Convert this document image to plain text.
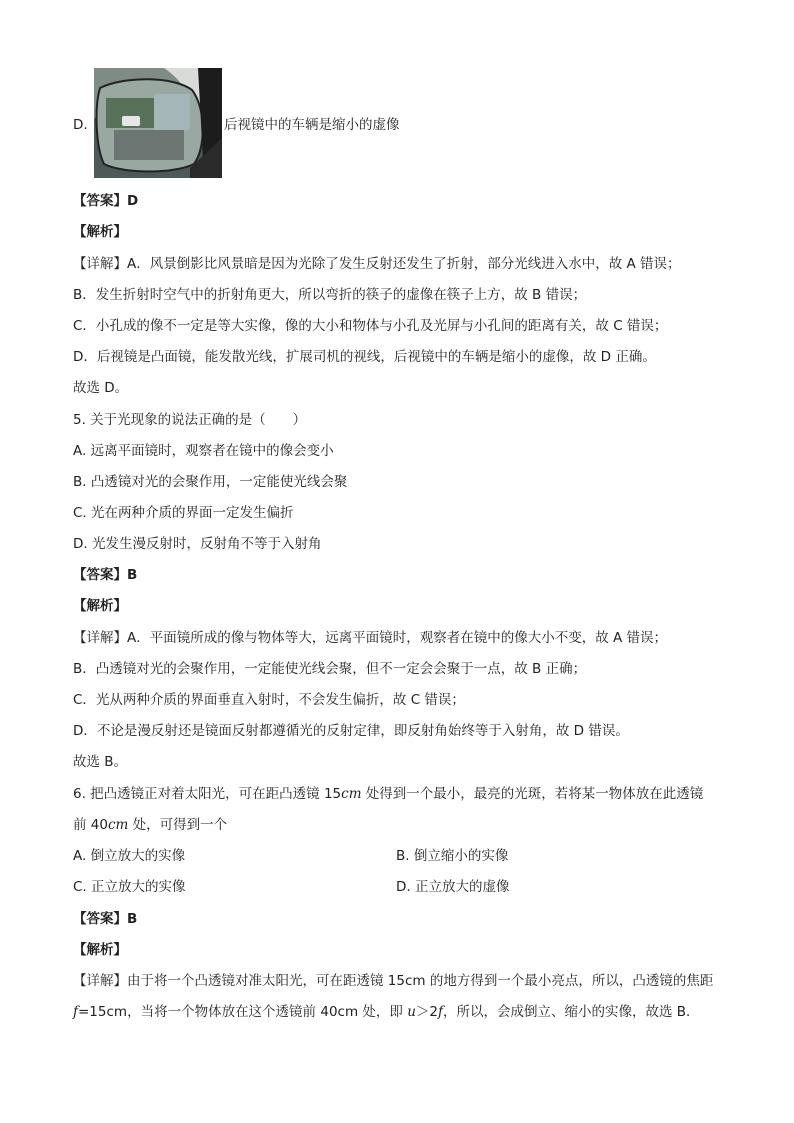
D.	后视镜中的车辆是缩小的虚像
【答案】D
【解析】
【详解】A．风景倒影比风景暗是因为光除了发生反射还发生了折射，部分光线进入水中，故 A 错误；
B．发生折射时空气中的折射角更大，所以弯折的筷子的虚像在筷子上方，故 B 错误；
C．小孔成的像不一定是等大实像，像的大小和物体与小孔及光屏与小孔间的距离有关，故 C 错误；
D．后视镜是凸面镜，能发散光线，扩展司机的视线，后视镜中的车辆是缩小的虚像，故 D 正确。
故选 D。
5. 关于光现象的说法正确的是（　　）
A. 远离平面镜时，观察者在镜中的像会变小
B. 凸透镜对光的会聚作用，一定能使光线会聚
C. 光在两种介质的界面一定发生偏折
D. 光发生漫反射时，反射角不等于入射角
【答案】B
【解析】
【详解】A．平面镜所成的像与物体等大，远离平面镜时，观察者在镜中的像大小不变，故 A 错误；
B．凸透镜对光的会聚作用，一定能使光线会聚，但不一定会会聚于一点，故 B 正确；
C．光从两种介质的界面垂直入射时，不会发生偏折，故 C 错误；
D．不论是漫反射还是镜面反射都遵循光的反射定律，即反射角始终等于入射角，故 D 错误。
故选 B。
6. 把凸透镜正对着太阳光，可在距凸透镜 15cm 处得到一个最小，最亮的光斑，若将某一物体放在此透镜
前 40cm 处，可得到一个
A. 倒立放大的实像	B. 倒立缩小的实像
C. 正立放大的实像	D. 正立放大的虚像
【答案】B
【解析】
【详解】由于将一个凸透镜对准太阳光，可在距透镜 15cm 的地方得到一个最小亮点，所以，凸透镜的焦距
f=15cm，当将一个物体放在这个透镜前 40cm 处，即 u＞2f，所以，会成倒立、缩小的实像，故选 B．
